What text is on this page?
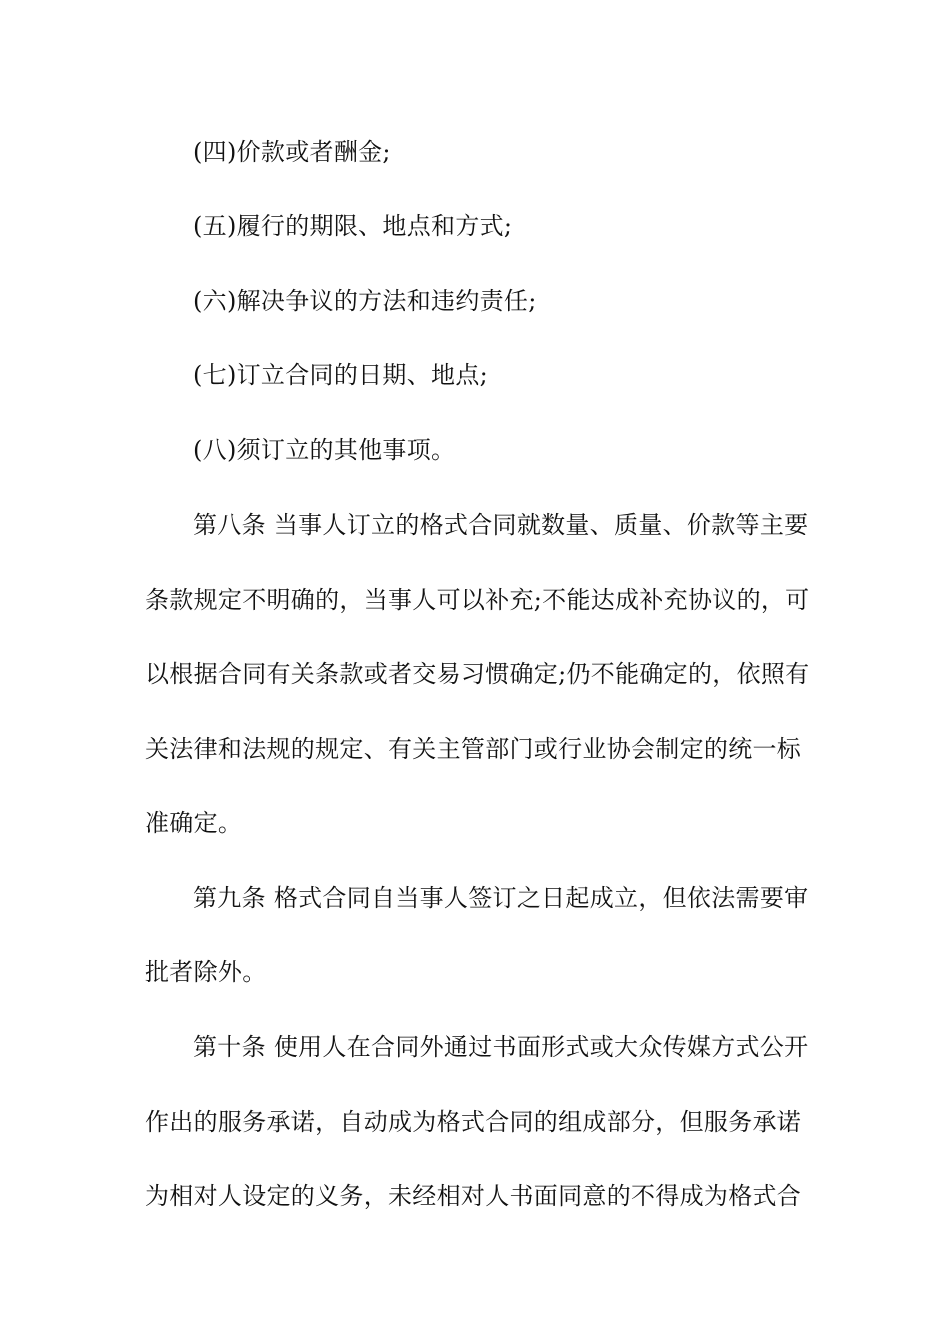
(四)价款或者酬金;
(五)履行的期限、地点和方式;
(六)解决争议的方法和违约责任;
(七)订立合同的日期、地点;
(八)须订立的其他事项。
第八条 当事人订立的格式合同就数量、质量、价款等主要
条款规定不明确的，当事人可以补充;不能达成补充协议的，可
以根据合同有关条款或者交易习惯确定;仍不能确定的，依照有
关法律和法规的规定、有关主管部门或行业协会制定的统一标
准确定。
第九条 格式合同自当事人签订之日起成立，但依法需要审
批者除外。
第十条 使用人在合同外通过书面形式或大众传媒方式公开
作出的服务承诺，自动成为格式合同的组成部分，但服务承诺
为相对人设定的义务，未经相对人书面同意的不得成为格式合
